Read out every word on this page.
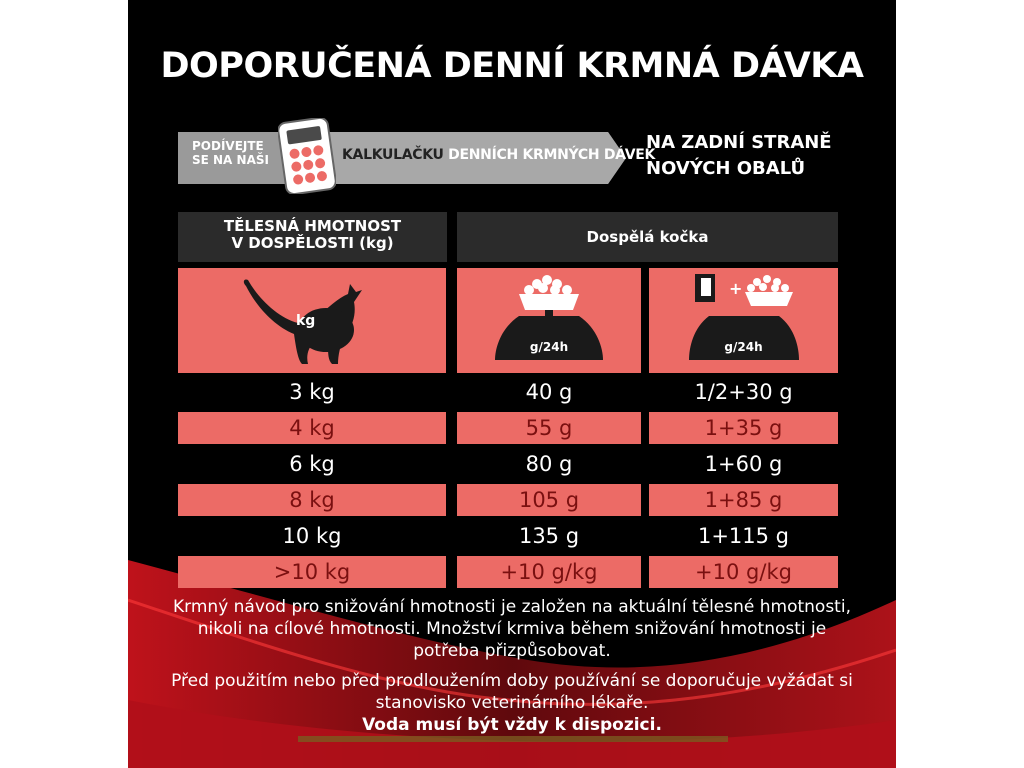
DOPORUČENÁ DENNÍ KRMNÁ DÁVKA
PODÍVEJTE
SE NA NAŠI	KALKULAČKU DENNÍCH KRMNÝCH DÁVEK
NA ZADNÍ STRANĚ
NOVÝCH OBALŮ
TĚLESNÁ HMOTNOST
V DOSPĚLOSTI (kg)	Dospělá kočka
kg
g/24h
+
g/24h
3 kg	40 g	1/2+30 g
4 kg	55 g	1+35 g
6 kg	80 g	1+60 g
8 kg	105 g	1+85 g
10 kg	135 g	1+115 g
>10 kg	+10 g/kg	+10 g/kg

Krmný návod pro snižování hmotnosti je založen na aktuální tělesné hmotnosti, nikoli na cílové hmotnosti. Množství krmiva během snižování hmotnosti je potřeba přizpůsobovat.

Před použitím nebo před prodloužením doby používání se doporučuje vyžádat si stanovisko veterinárního lékaře.

Voda musí být vždy k dispozici.
